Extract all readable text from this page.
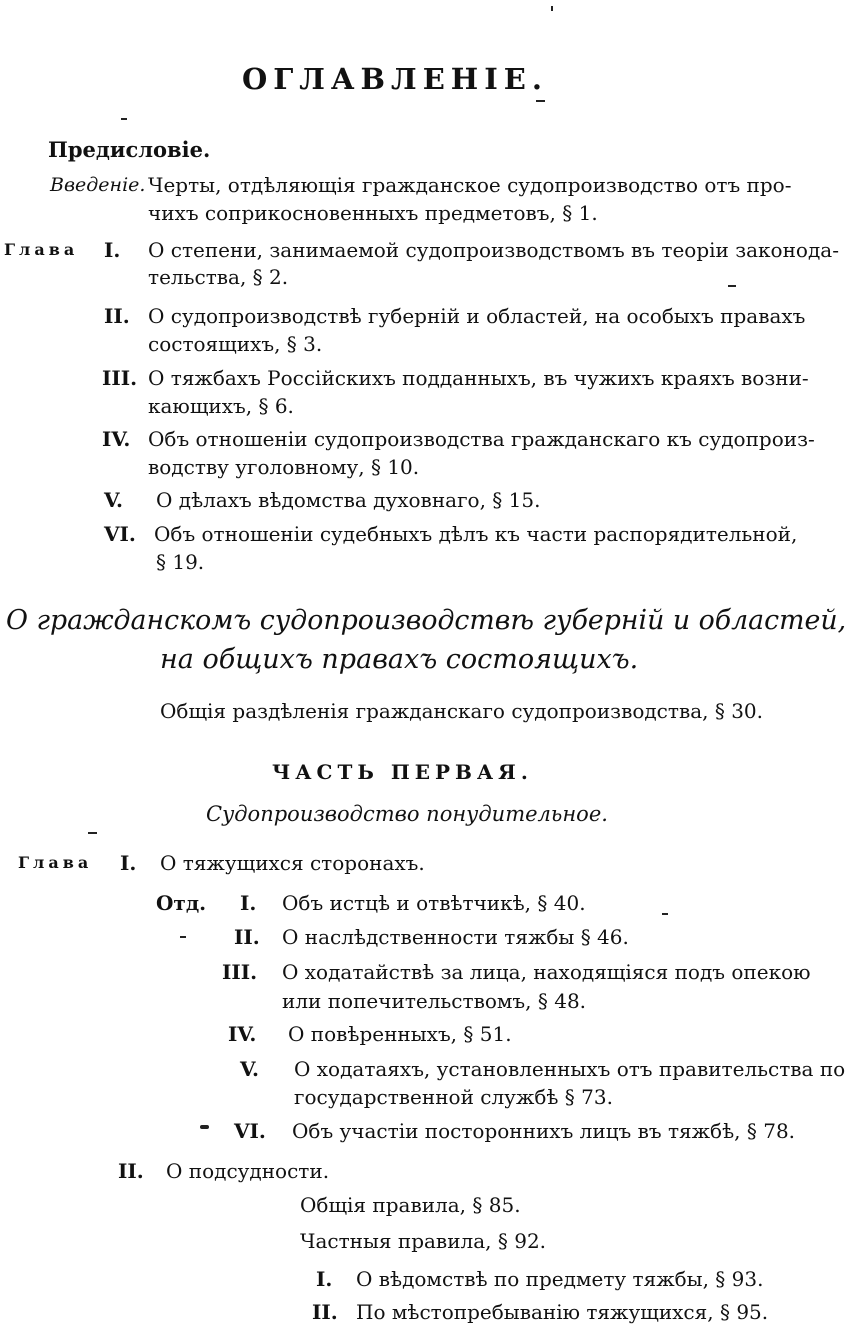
ОГЛАВЛЕНІЕ.
Предисловіе.
Введеніе. Черты, отдѣляющія гражданское судопроизводство отъ про-
чихъ соприкосновенныхъ предметовъ, § 1.
Глава I. О степени, занимаемой судопроизводствомъ въ теоріи законода-
тельства, § 2.
II. О судопроизводствѣ губерній и областей, на особыхъ правахъ
состоящихъ, § 3.
III. О тяжбахъ Россійскихъ подданныхъ, въ чужихъ краяхъ возни-
кающихъ, § 6.
IV. Объ отношеніи судопроизводства гражданскаго къ судопроиз-
водству уголовному, § 10.
V. О дѣлахъ вѣдомства духовнаго, § 15.
VI. Объ отношеніи судебныхъ дѣлъ къ части распорядительной,
§ 19.
О гражданскомъ судопроизводствѣ губерній и областей,
на общихъ правахъ состоящихъ.
Общія раздѣленія гражданскаго судопроизводства, § 30.
ЧАСТЬ ПЕРВАЯ.
Судопроизводство понудительное.
Глава I. О тяжущихся сторонахъ.
Отд. I. Объ истцѣ и отвѣтчикѣ, § 40.
II. О наслѣдственности тяжбы § 46.
III. О ходатайствѣ за лица, находящіяся подъ опекою
или попечительствомъ, § 48.
IV. О повѣренныхъ, § 51.
V. О ходатаяхъ, установленныхъ отъ правительства по
государственной службѣ § 73.
VI. Объ участіи постороннихъ лицъ въ тяжбѣ, § 78.
II. О подсудности.
Общія правила, § 85.
Частныя правила, § 92.
I. О вѣдомствѣ по предмету тяжбы, § 93.
II. По мѣстопребыванію тяжущихся, § 95.
